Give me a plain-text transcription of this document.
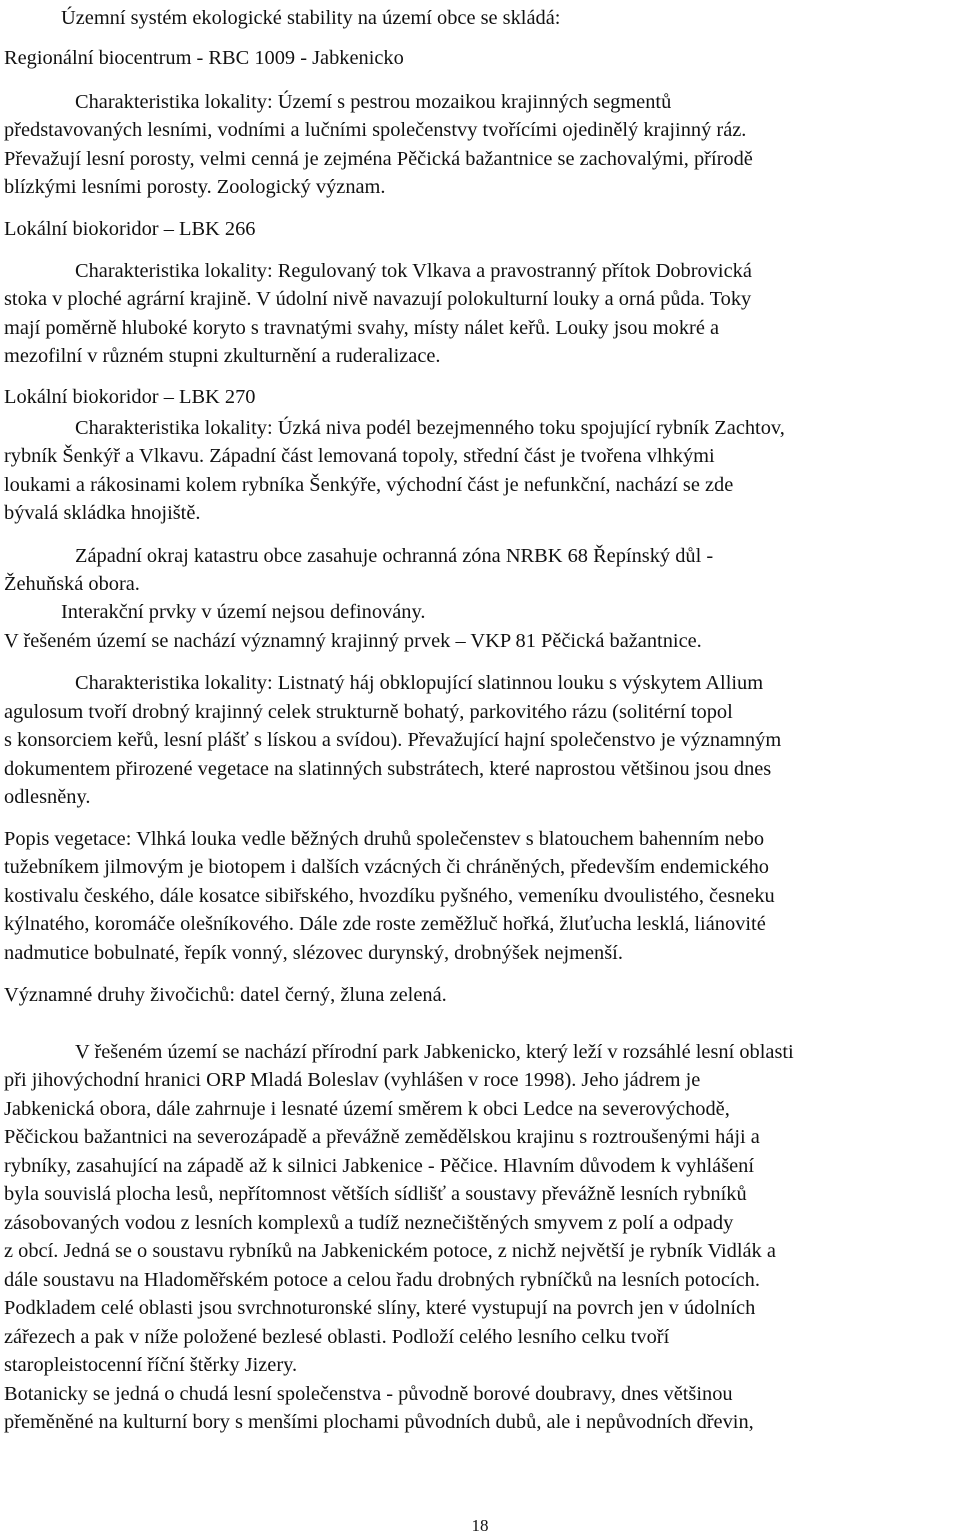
Územní systém ekologické stability na území obce se skládá:
Regionální biocentrum - RBC 1009 - Jabkenicko
Charakteristika lokality: Území s pestrou mozaikou krajinných segmentů
představovaných lesními, vodními a lučními společenstvy tvořícími ojedinělý krajinný ráz.
Převažují lesní porosty, velmi cenná je zejména Pěčická bažantnice se zachovalými, přírodě
blízkými lesními porosty. Zoologický význam.
Lokální biokoridor – LBK 266
Charakteristika lokality: Regulovaný tok Vlkava a pravostranný přítok Dobrovická
stoka v ploché agrární krajině. V údolní nivě navazují polokulturní louky a orná půda. Toky
mají poměrně hluboké koryto s travnatými svahy, místy nálet keřů. Louky jsou mokré a
mezofilní v různém stupni zkulturnění a ruderalizace.
Lokální biokoridor – LBK 270
Charakteristika lokality: Úzká niva podél bezejmenného toku spojující rybník Zachtov,
rybník Šenkýř a Vlkavu. Západní část lemovaná topoly, střední část je tvořena vlhkými
loukami a rákosinami kolem rybníka Šenkýře, východní část je nefunkční, nachází se zde
bývalá skládka hnojiště.
Západní okraj katastru obce zasahuje ochranná zóna NRBK 68 Řepínský důl -
Žehuňská obora.
Interakční prvky v území nejsou definovány.
V řešeném území se nachází významný krajinný prvek – VKP 81 Pěčická bažantnice.
Charakteristika lokality: Listnatý háj obklopující slatinnou louku s výskytem Allium
agulosum tvoří drobný krajinný celek strukturně bohatý, parkovitého rázu (solitérní topol
s konsorciem keřů, lesní plášť s lískou a svídou). Převažující hajní společenstvo je významným
dokumentem přirozené vegetace na slatinných substrátech, které naprostou většinou jsou dnes
odlesněny.
Popis vegetace: Vlhká louka vedle běžných druhů společenstev s blatouchem bahenním nebo
tužebníkem jilmovým je biotopem i dalších vzácných či chráněných, především endemického
kostivalu českého, dále kosatce sibiřského, hvozdíku pyšného, vemeníku dvoulistého, česneku
kýlnatého, koromáče olešníkového. Dále zde roste zeměžluč hořká, žluťucha lesklá, liánovité
nadmutice bobulnaté, řepík vonný, slézovec durynský, drobnýšek nejmenší.
Významné druhy živočichů: datel černý, žluna zelená.
V řešeném území se nachází přírodní park Jabkenicko, který leží v rozsáhlé lesní oblasti
při jihovýchodní hranici ORP Mladá Boleslav (vyhlášen v roce 1998). Jeho jádrem je
Jabkenická obora, dále zahrnuje i lesnaté území směrem k obci Ledce na severovýchodě,
Pěčickou bažantnici na severozápadě a převážně zemědělskou krajinu s roztroušenými háji a
rybníky, zasahující na západě až k silnici Jabkenice - Pěčice. Hlavním důvodem k vyhlášení
byla souvislá plocha lesů, nepřítomnost větších sídlišť a soustavy převážně lesních rybníků
zásobovaných vodou z lesních komplexů a tudíž neznečištěných smyvem z polí a odpady
z obcí. Jedná se o soustavu rybníků na Jabkenickém potoce, z nichž největší je rybník Vidlák a
dále soustavu na Hladoměřském potoce a celou řadu drobných rybníčků na lesních potocích.
Podkladem celé oblasti jsou svrchnoturonské slíny, které vystupují na povrch jen v údolních
zářezech a pak v níže položené bezlesé oblasti. Podloží celého lesního celku tvoří
staropleistocenní říční štěrky Jizery.
Botanicky se jedná o chudá lesní společenstva - původně borové doubravy, dnes většinou
přeměněné na kulturní bory s menšími plochami původních dubů, ale i nepůvodních dřevin,
18
